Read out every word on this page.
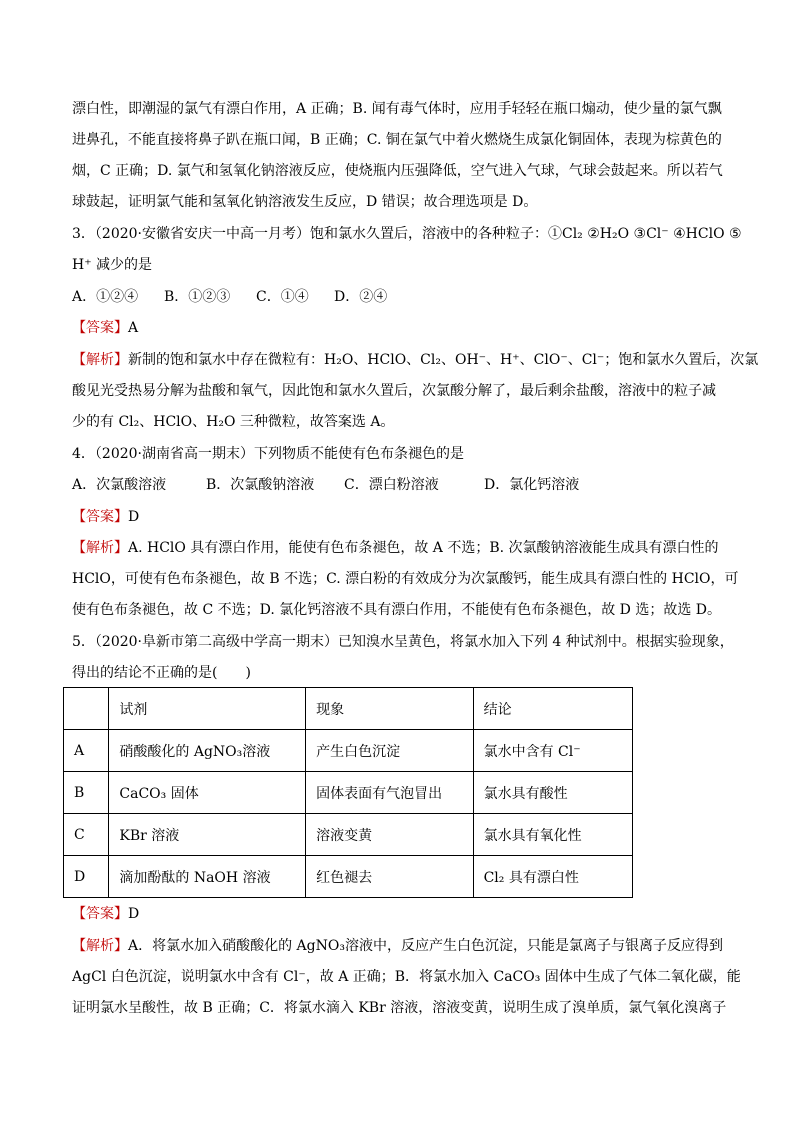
漂白性，即潮湿的氯气有漂白作用，A 正确；B. 闻有毒气体时，应用手轻轻在瓶口煽动，使少量的氯气飘
进鼻孔，不能直接将鼻子趴在瓶口闻，B 正确；C. 铜在氯气中着火燃烧生成氯化铜固体，表现为棕黄色的
烟，C 正确；D. 氯气和氢氧化钠溶液反应，使烧瓶内压强降低，空气进入气球，气球会鼓起来。所以若气
球鼓起，证明氯气能和氢氧化钠溶液发生反应，D 错误；故合理选项是 D。
3．（2020·安徽省安庆一中高一月考）饱和氯水久置后，溶液中的各种粒子：①Cl₂ ②H₂O ③Cl⁻ ④HClO ⑤
H⁺ 减少的是
A．①②④ B．①②③ C．①④ D．②④
【答案】A
【解析】新制的饱和氯水中存在微粒有：H₂O、HClO、Cl₂、OH⁻、H⁺、ClO⁻、Cl⁻；饱和氯水久置后，次氯
酸见光受热易分解为盐酸和氧气，因此饱和氯水久置后，次氯酸分解了，最后剩余盐酸，溶液中的粒子减
少的有 Cl₂、HClO、H₂O 三种微粒，故答案选 A。
4．（2020·湖南省高一期末）下列物质不能使有色布条褪色的是
A．次氯酸溶液	B．次氯酸钠溶液 C．漂白粉溶液	D．氯化钙溶液
【答案】D
【解析】A. HClO 具有漂白作用，能使有色布条褪色，故 A 不选；B. 次氯酸钠溶液能生成具有漂白性的
HClO，可使有色布条褪色，故 B 不选；C. 漂白粉的有效成分为次氯酸钙，能生成具有漂白性的 HClO，可
使有色布条褪色，故 C 不选；D. 氯化钙溶液不具有漂白作用，不能使有色布条褪色，故 D 选；故选 D。
5．（2020·阜新市第二高级中学高一期末）已知溴水呈黄色，将氯水加入下列 4 种试剂中。根据实验现象，
得出的结论不正确的是(　　)
	试剂	现象	结论
A	硝酸酸化的 AgNO₃溶液	产生白色沉淀	氯水中含有 Cl⁻
B	CaCO₃ 固体	固体表面有气泡冒出	氯水具有酸性
C	KBr 溶液	溶液变黄	氯水具有氧化性
D	滴加酚酞的 NaOH 溶液	红色褪去	Cl₂ 具有漂白性
【答案】D
【解析】A．将氯水加入硝酸酸化的 AgNO₃溶液中，反应产生白色沉淀，只能是氯离子与银离子反应得到
AgCl 白色沉淀，说明氯水中含有 Cl⁻，故 A 正确；B．将氯水加入 CaCO₃ 固体中生成了气体二氧化碳，能
证明氯水呈酸性，故 B 正确；C．将氯水滴入 KBr 溶液，溶液变黄，说明生成了溴单质，氯气氧化溴离子
